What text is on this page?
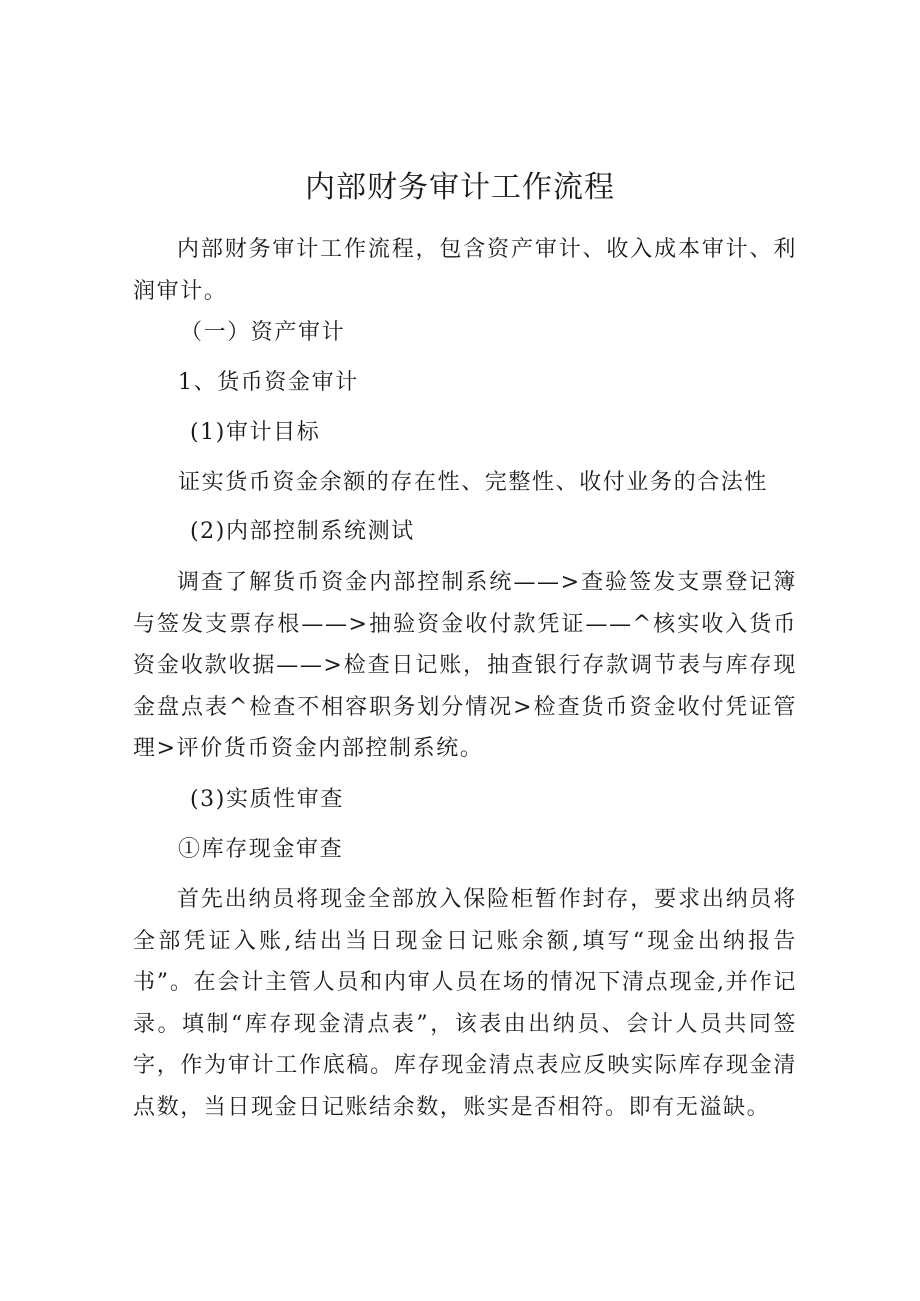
内部财务审计工作流程

内部财务审计工作流程，包含资产审计、收入成本审计、利润审计。

（一）资产审计

1、货币资金审计

(1)审计目标

证实货币资金余额的存在性、完整性、收付业务的合法性

(2)内部控制系统测试

调查了解货币资金内部控制系统——>查验签发支票登记簿与签发支票存根——>抽验资金收付款凭证——^核实收入货币资金收款收据——>检查日记账，抽查银行存款调节表与库存现金盘点表^检查不相容职务划分情况>检查货币资金收付凭证管理>评价货币资金内部控制系统。

(3)实质性审查

①库存现金审查

首先出纳员将现金全部放入保险柜暂作封存，要求出纳员将全部凭证入账,结出当日现金日记账余额,填写“现金出纳报告书”。在会计主管人员和内审人员在场的情况下清点现金,并作记录。填制“库存现金清点表”，该表由出纳员、会计人员共同签字，作为审计工作底稿。库存现金清点表应反映实际库存现金清点数，当日现金日记账结余数，账实是否相符。即有无溢缺。
